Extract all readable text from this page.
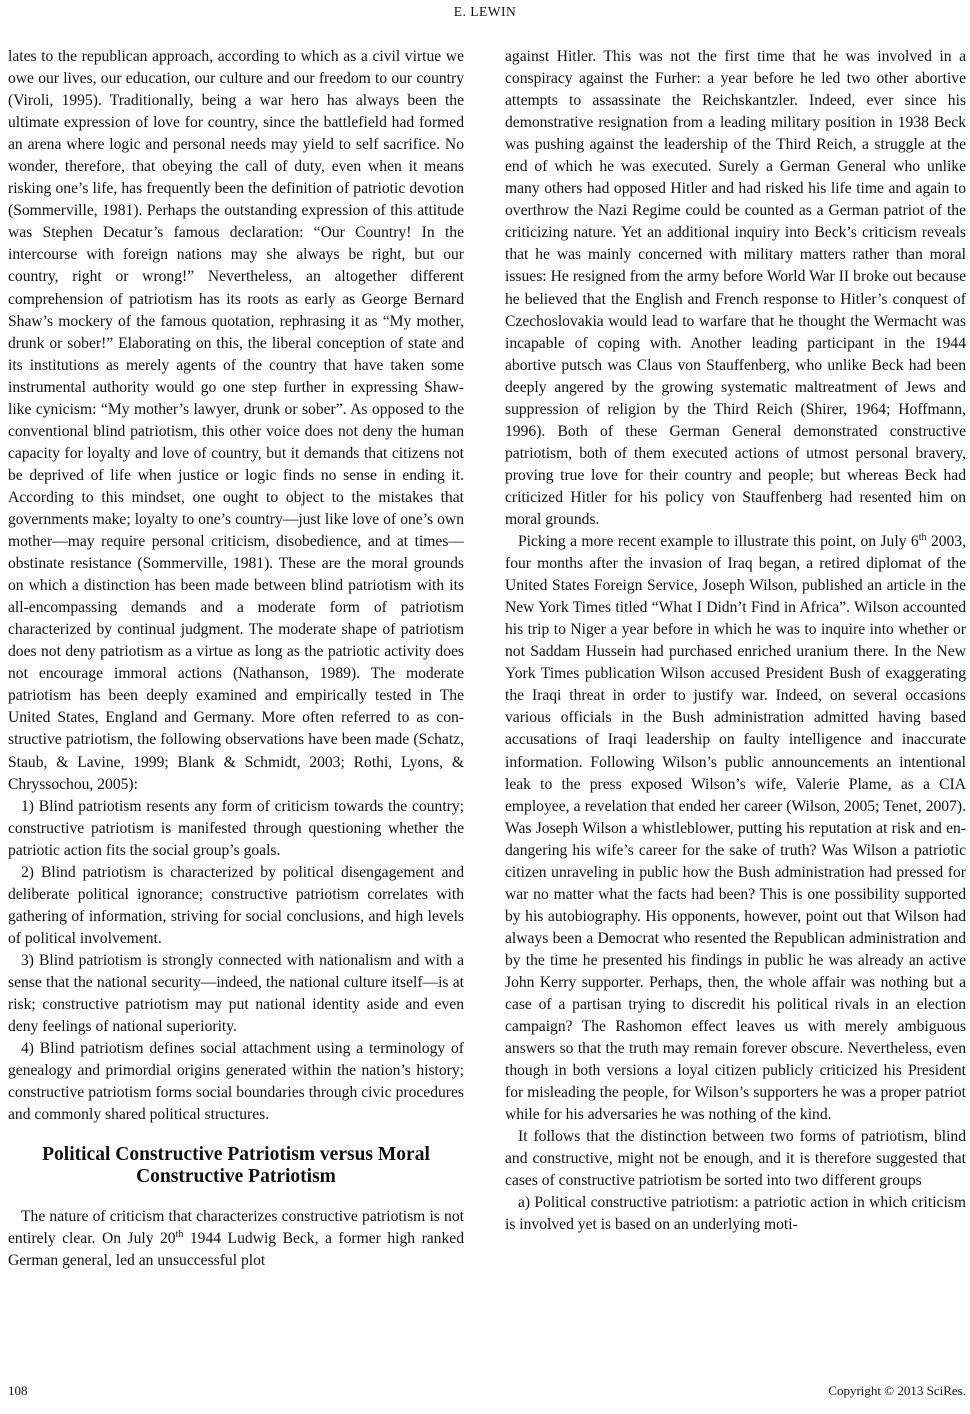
E. LEWIN

lates to the republican approach, according to which as a civil virtue we owe our lives, our education, our culture and our freedom to our country (Viroli, 1995). Traditionally, being a war hero has always been the ultimate expression of love for country, since the battlefield had formed an arena where logic and personal needs may yield to self sacrifice. No wonder, therefore, that obeying the call of duty, even when it means risking one’s life, has frequently been the definition of patriotic devotion (Sommerville, 1981). Perhaps the outstanding expression of this attitude was Stephen Decatur’s famous declaration: “Our Country! In the intercourse with foreign nations may she always be right, but our country, right or wrong!” Nevertheless, an altogether different comprehension of patriotism has its roots as early as George Bernard Shaw’s mockery of the famous quotation, rephrasing it as “My mother, drunk or sober!” Elaborating on this, the liberal conception of state and its institutions as merely agents of the country that have taken some instrumental authority would go one step further in expressing Shaw-like cynicism: “My mother’s lawyer, drunk or sober”. As opposed to the conventional blind patriotism, this other voice does not deny the human capacity for loyalty and love of country, but it demands that citizens not be deprived of life when justice or logic finds no sense in ending it. According to this mindset, one ought to object to the mistakes that governments make; loyalty to one’s country—just like love of one’s own mother—may require personal criticism, disobedience, and at times—obstinate resistance (Sommerville, 1981). These are the moral grounds on which a distinction has been made between blind patriotism with its all-encompassing demands and a moderate form of patriotism characterized by continual judgment. The moderate shape of patriotism does not deny patriotism as a virtue as long as the patriotic activity does not encourage immoral actions (Nathanson, 1989). The moderate patriotism has been deeply examined and empirically tested in The United States, England and Germany. More often referred to as constructive patriotism, the following observations have been made (Schatz, Staub, & Lavine, 1999; Blank & Schmidt, 2003; Rothi, Lyons, & Chryssochou, 2005):

1) Blind patriotism resents any form of criticism towards the country; constructive patriotism is manifested through questioning whether the patriotic action fits the social group’s goals.

2) Blind patriotism is characterized by political disengagement and deliberate political ignorance; constructive patriotism correlates with gathering of information, striving for social conclusions, and high levels of political involvement.

3) Blind patriotism is strongly connected with nationalism and with a sense that the national security—indeed, the national culture itself—is at risk; constructive patriotism may put national identity aside and even deny feelings of national superiority.

4) Blind patriotism defines social attachment using a terminology of genealogy and primordial origins generated within the nation’s history; constructive patriotism forms social boundaries through civic procedures and commonly shared political structures.

Political Constructive Patriotism versus Moral Constructive Patriotism

The nature of criticism that characterizes constructive patriotism is not entirely clear. On July 20th 1944 Ludwig Beck, a former high ranked German general, led an unsuccessful plot

against Hitler. This was not the first time that he was involved in a conspiracy against the Furher: a year before he led two other abortive attempts to assassinate the Reichskantzler. Indeed, ever since his demonstrative resignation from a leading military position in 1938 Beck was pushing against the leadership of the Third Reich, a struggle at the end of which he was executed. Surely a German General who unlike many others had opposed Hitler and had risked his life time and again to overthrow the Nazi Regime could be counted as a German patriot of the criticizing nature. Yet an additional inquiry into Beck’s criticism reveals that he was mainly concerned with military matters rather than moral issues: He resigned from the army before World War II broke out because he believed that the English and French response to Hitler’s conquest of Czechoslovakia would lead to warfare that he thought the Wermacht was incapable of coping with. Another leading participant in the 1944 abortive putsch was Claus von Stauffenberg, who unlike Beck had been deeply angered by the growing systematic maltreatment of Jews and suppression of religion by the Third Reich (Shirer, 1964; Hoffmann, 1996). Both of these German General demonstrated constructive patriotism, both of them executed actions of utmost personal bravery, proving true love for their country and people; but whereas Beck had criticized Hitler for his policy von Stauffenberg had resented him on moral grounds.

Picking a more recent example to illustrate this point, on July 6th 2003, four months after the invasion of Iraq began, a retired diplomat of the United States Foreign Service, Joseph Wilson, published an article in the New York Times titled “What I Didn’t Find in Africa”. Wilson accounted his trip to Niger a year before in which he was to inquire into whether or not Saddam Hussein had purchased enriched uranium there. In the New York Times publication Wilson accused President Bush of exaggerating the Iraqi threat in order to justify war. Indeed, on several occasions various officials in the Bush administration admitted having based accusations of Iraqi leadership on faulty intelligence and inaccurate information. Following Wilson’s public announcements an intentional leak to the press exposed Wilson’s wife, Valerie Plame, as a CIA employee, a revelation that ended her career (Wilson, 2005; Tenet, 2007). Was Joseph Wilson a whistleblower, putting his reputation at risk and endangering his wife’s career for the sake of truth? Was Wilson a patriotic citizen unraveling in public how the Bush administration had pressed for war no matter what the facts had been? This is one possibility supported by his autobiography. His opponents, however, point out that Wilson had always been a Democrat who resented the Republican administration and by the time he presented his findings in public he was already an active John Kerry supporter. Perhaps, then, the whole affair was nothing but a case of a partisan trying to discredit his political rivals in an election campaign? The Rashomon effect leaves us with merely ambiguous answers so that the truth may remain forever obscure. Nevertheless, even though in both versions a loyal citizen publicly criticized his President for misleading the people, for Wilson’s supporters he was a proper patriot while for his adversaries he was nothing of the kind.

It follows that the distinction between two forms of patriotism, blind and constructive, might not be enough, and it is therefore suggested that cases of constructive patriotism be sorted into two different groups

a) Political constructive patriotism: a patriotic action in which criticism is involved yet is based on an underlying moti-

108	Copyright © 2013 SciRes.
